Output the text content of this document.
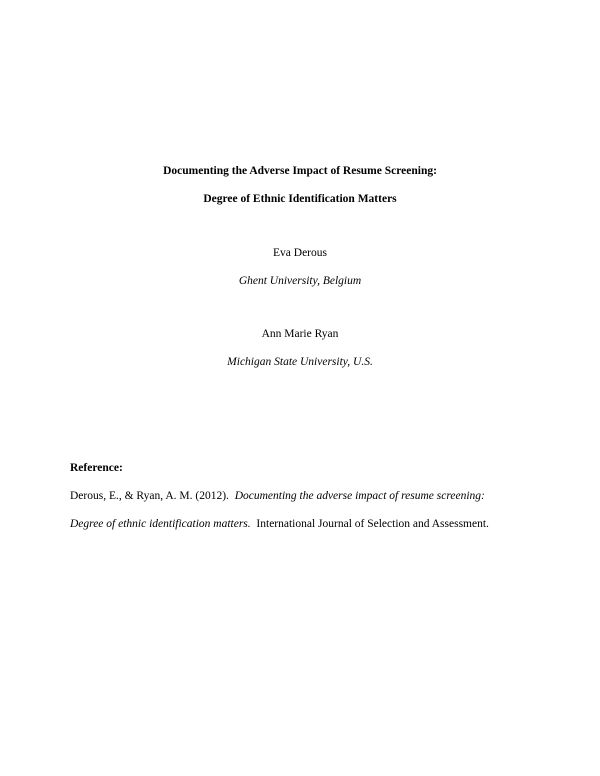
Documenting the Adverse Impact of Resume Screening:
Degree of Ethnic Identification Matters
Eva Derous
Ghent University, Belgium
Ann Marie Ryan
Michigan State University, U.S.
Reference:
Derous, E., & Ryan, A. M. (2012). Documenting the adverse impact of resume screening:
Degree of ethnic identification matters. International Journal of Selection and Assessment.
